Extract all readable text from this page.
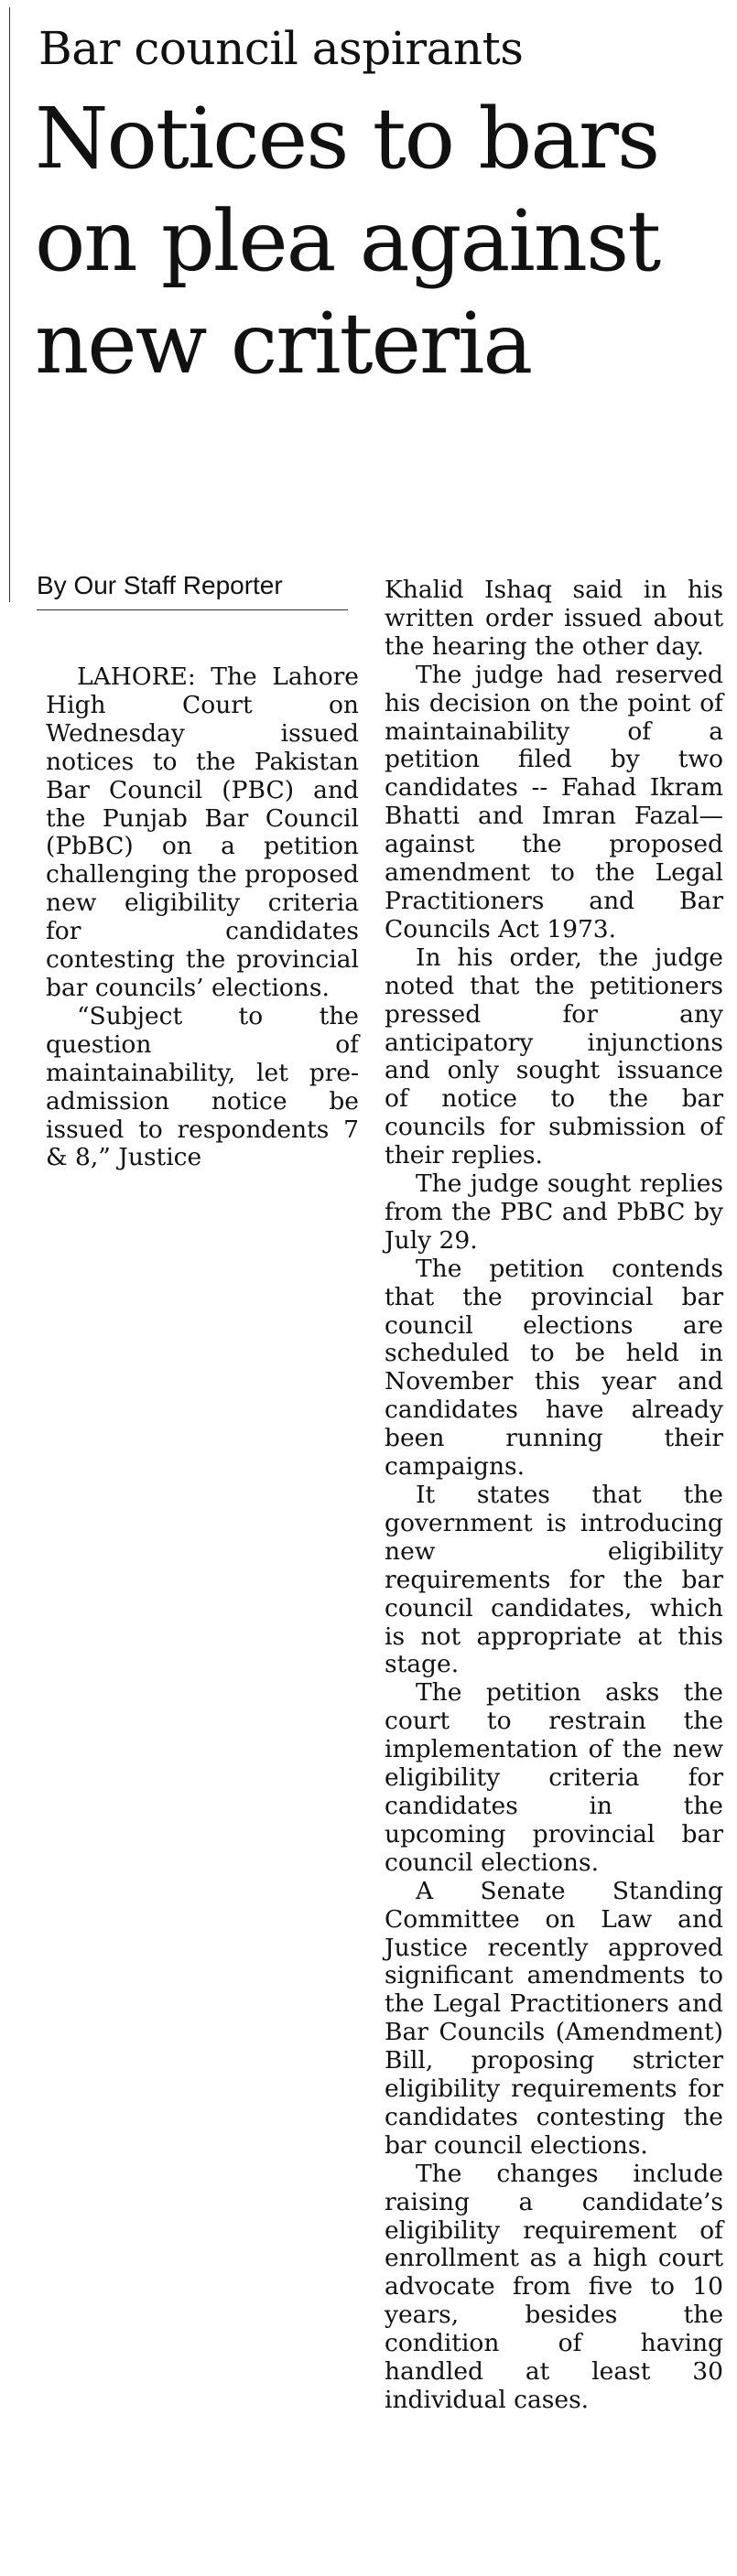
Bar council aspirants
Notices to bars on plea against new criteria
By Our Staff Reporter

LAHORE: The Lahore High Court on Wednesday issued notices to the Pakistan Bar Council (PBC) and the Punjab Bar Council (PbBC) on a petition challenging the proposed new eligibility criteria for candidates contesting the provincial bar councils’ elections.

“Subject to the question of maintainability, let pre-admission notice be issued to respondents 7 & 8,” Justice

Khalid Ishaq said in his written order issued about the hearing the other day.

The judge had reserved his decision on the point of maintainability of a petition filed by two candidates -- Fahad Ikram Bhatti and Imran Fazal— against the proposed amendment to the Legal Practitioners and Bar Councils Act 1973.

In his order, the judge noted that the petitioners pressed for any anticipatory injunctions and only sought issuance of notice to the bar councils for submission of their replies.

The judge sought replies from the PBC and PbBC by July 29.

The petition contends that the provincial bar council elections are scheduled to be held in November this year and candidates have already been running their campaigns.

It states that the government is introducing new eligibility requirements for the bar council candidates, which is not appropriate at this stage.

The petition asks the court to restrain the implementation of the new eligibility criteria for candidates in the upcoming provincial bar council elections.

A Senate Standing Committee on Law and Justice recently approved significant amendments to the Legal Practitioners and Bar Councils (Amendment) Bill, proposing stricter eligibility requirements for candidates contesting the bar council elections.

The changes include raising a candidate’s eligibility requirement of enrollment as a high court advocate from five to 10 years, besides the condition of having handled at least 30 individual cases.
